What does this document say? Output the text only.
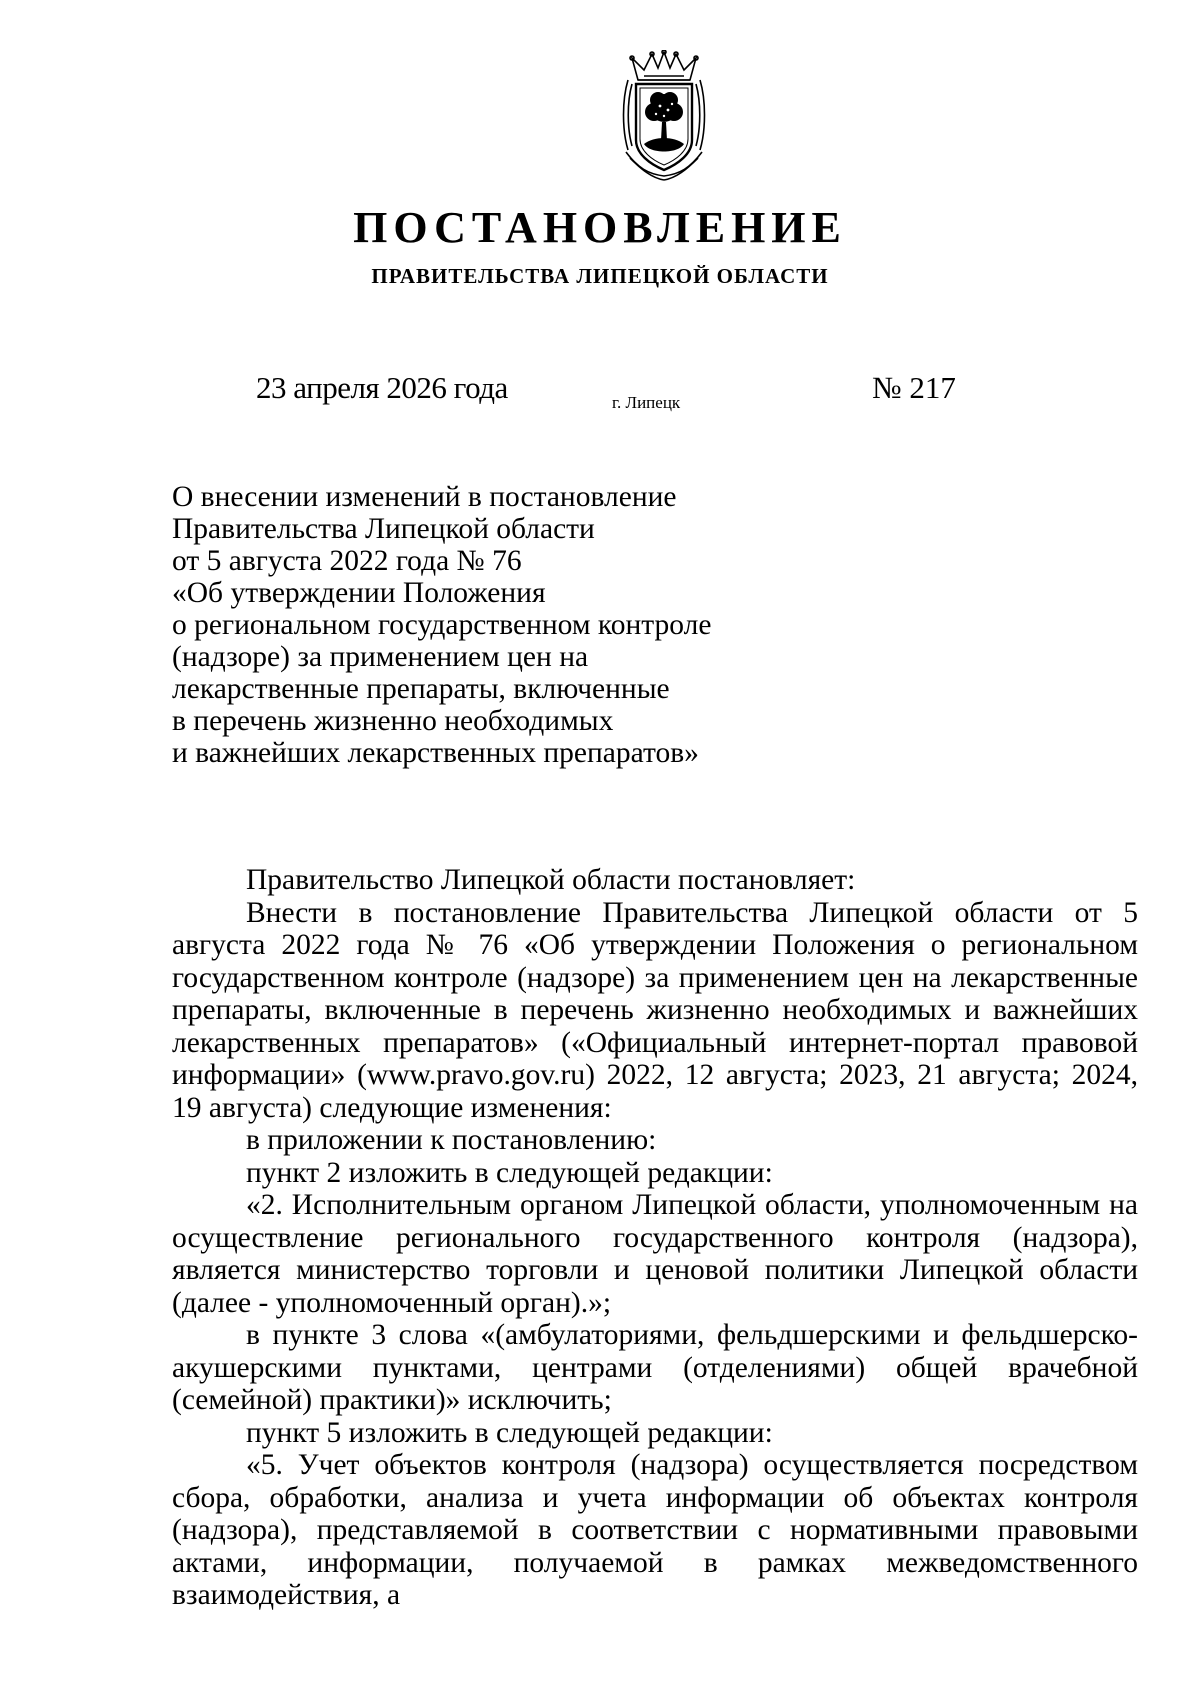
ПОСТАНОВЛЕНИЕ
ПРАВИТЕЛЬСТВА ЛИПЕЦКОЙ ОБЛАСТИ
23 апреля 2026 года	г. Липецк	№ 217
О внесении изменений в постановление
Правительства Липецкой области
от 5 августа 2022 года № 76
«Об утверждении Положения
о региональном государственном контроле
(надзоре) за применением цен на
лекарственные препараты, включенные
в перечень жизненно необходимых
и важнейших лекарственных препаратов»

Правительство Липецкой области постановляет:

Внести в постановление Правительства Липецкой области от 5 августа 2022 года № 76 «Об утверждении Положения о региональном государственном контроле (надзоре) за применением цен на лекарственные препараты, включенные в перечень жизненно необходимых и важнейших лекарственных препаратов» («Официальный интернет-портал правовой информации» (www.pravo.gov.ru) 2022, 12 августа; 2023, 21 августа; 2024, 19 августа) следующие изменения:

в приложении к постановлению:

пункт 2 изложить в следующей редакции:

«2. Исполнительным органом Липецкой области, уполномоченным на осуществление регионального государственного контроля (надзора), является министерство торговли и ценовой политики Липецкой области (далее - уполномоченный орган).»;

в пункте 3 слова «(амбулаториями, фельдшерскими и фельдшерско-акушерскими пунктами, центрами (отделениями) общей врачебной (семейной) практики)» исключить;

пункт 5 изложить в следующей редакции:

«5. Учет объектов контроля (надзора) осуществляется посредством сбора, обработки, анализа и учета информации об объектах контроля (надзора), представляемой в соответствии с нормативными правовыми актами, информации, получаемой в рамках межведомственного взаимодействия, а
